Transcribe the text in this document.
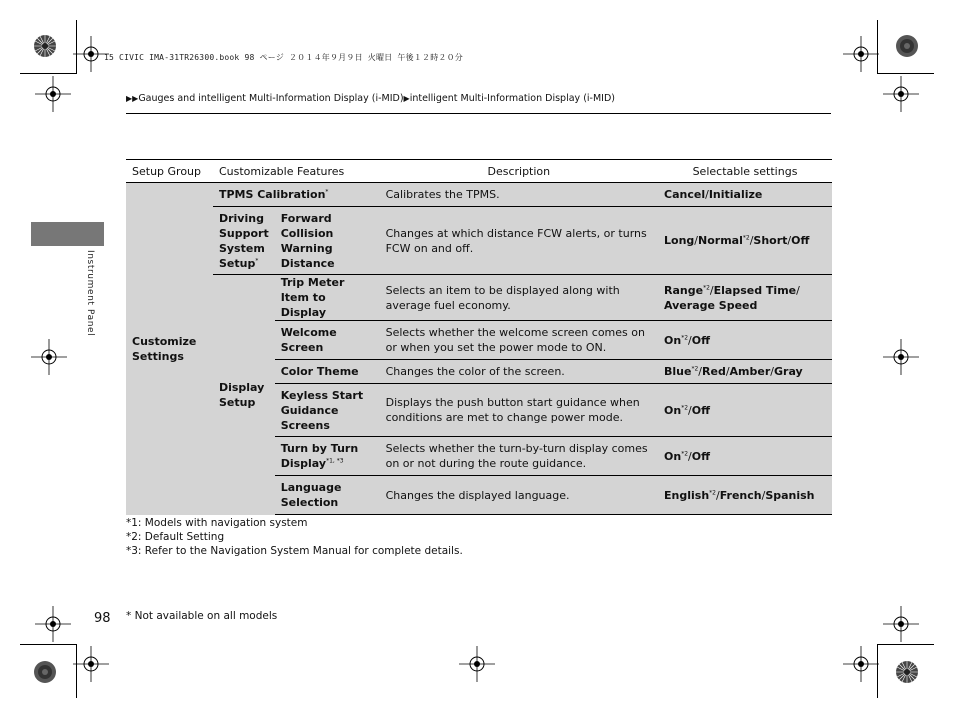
15 CIVIC IMA-31TR26300.book 98 ページ ２０１４年９月９日 火曜日 午後１２時２０分
▶▶Gauges and intelligent Multi-Information Display (i-MID)▶intelligent Multi-Information Display (i-MID)
Instrument Panel
Setup Group	Customizable Features		Description	Selectable settings
Customize Settings	TPMS Calibration*		Calibrates the TPMS.	Cancel/Initialize
	Driving Support System Setup*	Forward Collision Warning Distance	Changes at which distance FCW alerts, or turns FCW on and off.	Long/Normal$^{*2}$/Short/Off
	Display Setup	Trip Meter Item to Display	Selects an item to be displayed along with average fuel economy.	Range$^{*2}$/Elapsed Time/
Average Speed
		Welcome Screen	Selects whether the welcome screen comes on or when you set the power mode to ON.	On$^{*2}$/Off
		Color Theme	Changes the color of the screen.	Blue$^{*2}$/Red/Amber/Gray
		Keyless Start Guidance Screens	Displays the push button start guidance when conditions are met to change power mode.	On$^{*2}$/Off
		Turn by Turn Display$^{*1, *3}$	Selects whether the turn-by-turn display comes on or not during the route guidance.	On$^{*2}$/Off
		Language Selection	Changes the displayed language.	English$^{*2}$/French/Spanish
*1: Models with navigation system
*2: Default Setting
*3: Refer to the Navigation System Manual for complete details.
98 * Not available on all models
